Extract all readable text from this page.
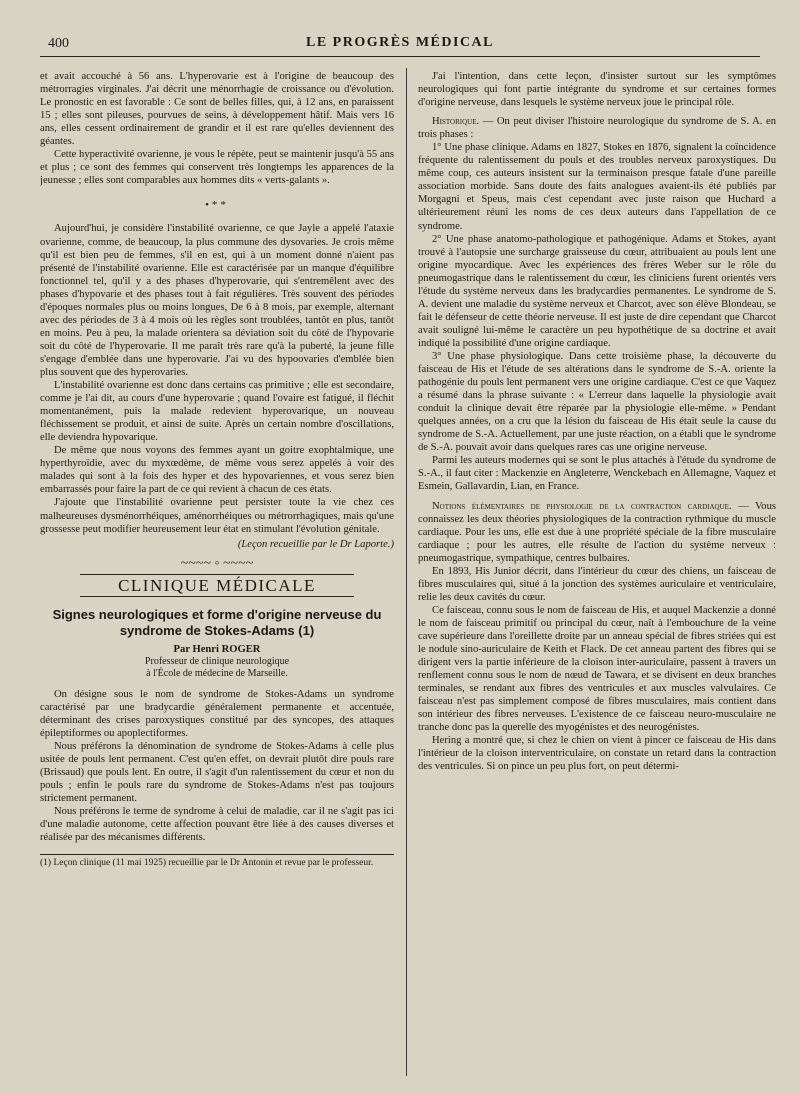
400	LE PROGRÈS MÉDICAL

et avait accouché à 56 ans. L'hyperovarie est à l'origine de beaucoup des métrorragies virginales. J'ai décrit une ménorrhagie de croissance ou d'évolution. Le pronostic en est favorable : Ce sont de belles filles, qui, à 12 ans, en paraissent 15 ; elles sont pileuses, pourvues de seins, à développement hâtif. Mais vers 16 ans, elles cessent ordinairement de grandir et il est rare qu'elles deviennent des géantes.

Cette hyperactivité ovarienne, je vous le répète, peut se maintenir jusqu'à 55 ans et plus ; ce sont des femmes qui conservent très longtemps les apparences de la jeunesse ; elles sont comparables aux hommes dits « verts-galants ».

•**

Aujourd'hui, je considère l'instabilité ovarienne, ce que Jayle a appelé l'ataxie ovarienne, comme, de beaucoup, la plus commune des dysovaries. Je crois même qu'il est bien peu de femmes, s'il en est, qui à un moment donné n'aient pas présenté de l'instabilité ovarienne. Elle est caractérisée par un manque d'équilibre fonctionnel tel, qu'il y a des phases d'hyperovarie, qui s'entremêlent avec des phases d'hypovarie et des phases tout à fait régulières. Très souvent des périodes d'époques normales plus ou moins longues, De 6 à 8 mois, par exemple, alternant avec des périodes de 3 à 4 mois où les règles sont troublées, tantôt en plus, tantôt en moins. Peu à peu, la malade orientera sa déviation soit du côté de l'hypovarie soit du côté de l'hyperovarie. Il me paraît très rare qu'à la puberté, la jeune fille s'engage d'emblée dans une hyperovarie. J'ai vu des hypoovaries d'emblée bien plus souvent que des hyperovaries.

L'instabilité ovarienne est donc dans certains cas primitive ; elle est secondaire, comme je l'ai dit, au cours d'une hyperovarie ; quand l'ovaire est fatigué, il fléchit momentanément, puis la malade redevient hyperovarique, un nouveau fléchissement se produit, et ainsi de suite. Après un certain nombre d'oscillations, elle deviendra hypovarique.

De même que nous voyons des femmes ayant un goitre exophtalmique, une hyperthyroïdie, avec du myxœdème, de même vous serez appelés à voir des malades qui sont à la fois des hyper et des hypovariennes, et vous serez bien embarrassés pour faire la part de ce qui revient à chacun de ces états.

J'ajoute que l'instabilité ovarienne peut persister toute la vie chez ces malheureuses dysménorrhéiques, aménorrhéiques ou métrorrhagiques, mais qu'une grossesse peut modifier heureusement leur état en stimulant l'évolution génitale.

(Leçon recueillie par le Dr Laporte.)
~~~~ ◦ ~~~~
CLINIQUE MÉDICALE
Signes neurologiques et forme d'origine nerveuse du syndrome de Stokes-Adams (1)
Par Henri ROGER
Professeur de clinique neurologique
à l'École de médecine de Marseille.

On désigne sous le nom de syndrome de Stokes-Adams un syndrome caractérisé par une bradycardie généralement permanente et accentuée, déterminant des crises paroxystiques constitué par des syncopes, des attaques épileptiformes ou apoplectiformes.

Nous préférons la dénomination de syndrome de Stokes-Adams à celle plus usitée de pouls lent permanent. C'est qu'en effet, on devrait plutôt dire pouls rare (Brissaud) que pouls lent. En outre, il s'agit d'un ralentissement du cœur et non du pouls ; enfin le pouls rare du syndrome de Stokes-Adams n'est pas toujours strictement permanent.

Nous préférons le terme de syndrome à celui de maladie, car il ne s'agit pas ici d'une maladie autonome, cette affection pouvant être liée à des causes diverses et réalisée par des mécanismes différents.

(1) Leçon clinique (11 mai 1925) recueillie par le Dr Antonin et revue par le professeur.

J'ai l'intention, dans cette leçon, d'insister surtout sur les symptômes neurologiques qui font partie intégrante du syndrome et sur certaines formes d'origine nerveuse, dans lesquels le système nerveux joue le principal rôle.

Historique. — On peut diviser l'histoire neurologique du syndrome de S. A. en trois phases :

1° Une phase clinique. Adams en 1827, Stokes en 1876, signalent la coïncidence fréquente du ralentissement du pouls et des troubles nerveux paroxystiques. Du même coup, ces auteurs insistent sur la terminaison presque fatale d'une pareille association morbide. Sans doute des faits analogues avaient-ils été publiés par Morgagni et Speus, mais c'est cependant avec juste raison que Huchard a ultérieurement réuni les noms de ces deux auteurs dans l'appellation de ce syndrome.

2° Une phase anatomo-pathologique et pathogénique. Adams et Stokes, ayant trouvé à l'autopsie une surcharge graisseuse du cœur, attribuaient au pouls lent une origine myocardique. Avec les expériences des frères Weber sur le rôle du pneumogastrique dans le ralentissement du cœur, les cliniciens furent orientés vers l'étude du système nerveux dans les bradycardies permanentes. Le syndrome de S. A. devient une maladie du système nerveux et Charcot, avec son élève Blondeau, se fait le défenseur de cette théorie nerveuse. Il est juste de dire cependant que Charcot avait souligné lui-même le caractère un peu hypothétique de sa doctrine et avait indiqué la possibilité d'une origine cardiaque.

3° Une phase physiologique. Dans cette troisième phase, la découverte du faisceau de His et l'étude de ses altérations dans le syndrome de S.-A. oriente la pathogénie du pouls lent permanent vers une origine cardiaque. C'est ce que Vaquez a résumé dans la phrase suivante : « L'erreur dans laquelle la physiologie avait conduit la clinique devait être réparée par la physiologie elle-même. » Pendant quelques années, on a cru que la lésion du faisceau de His était seule la cause du syndrome de S.-A. Actuellement, par une juste réaction, on a établi que le syndrome de S.-A. pouvait avoir dans quelques rares cas une origine nerveuse.

Parmi les auteurs modernes qui se sont le plus attachés à l'étude du syndrome de S.-A., il faut citer : Mackenzie en Angleterre, Wenckebach en Allemagne, Vaquez et Esmein, Gallavardin, Lian, en France.

Notions élémentaires de physiologie de la contraction cardiaque. — Vous connaissez les deux théories physiologiques de la contraction rythmique du muscle cardiaque. Pour les uns, elle est due à une propriété spéciale de la fibre musculaire cardiaque ; pour les autres, elle résulte de l'action du système nerveux : pneumogastrique, sympathique, centres bulbaires.

En 1893, His Junior décrit, dans l'intérieur du cœur des chiens, un faisceau de fibres musculaires qui, situé à la jonction des systèmes auriculaire et ventriculaire, relie les deux cavités du cœur.

Ce faisceau, connu sous le nom de faisceau de His, et auquel Mackenzie a donné le nom de faisceau primitif ou principal du cœur, naît à l'embouchure de la veine cave supérieure dans l'oreillette droite par un anneau spécial de fibres striées qui est le nodule sino-auriculaire de Keith et Flack. De cet anneau partent des fibres qui se dirigent vers la partie inférieure de la cloison inter-auriculaire, passent à travers un renflement connu sous le nom de nœud de Tawara, et se divisent en deux branches terminales, se rendant aux fibres des ventricules et aux muscles valvulaires. Ce faisceau n'est pas simplement composé de fibres musculaires, mais contient dans son intérieur des fibres nerveuses. L'existence de ce faisceau neuro-musculaire ne tranche donc pas la querelle des myogénistes et des neurogénistes.

Hering a montré que, si chez le chien on vient à pincer ce faisceau de His dans l'intérieur de la cloison interventriculaire, on constate un retard dans la contraction des ventricules. Si on pince un peu plus fort, on peut détermi-
